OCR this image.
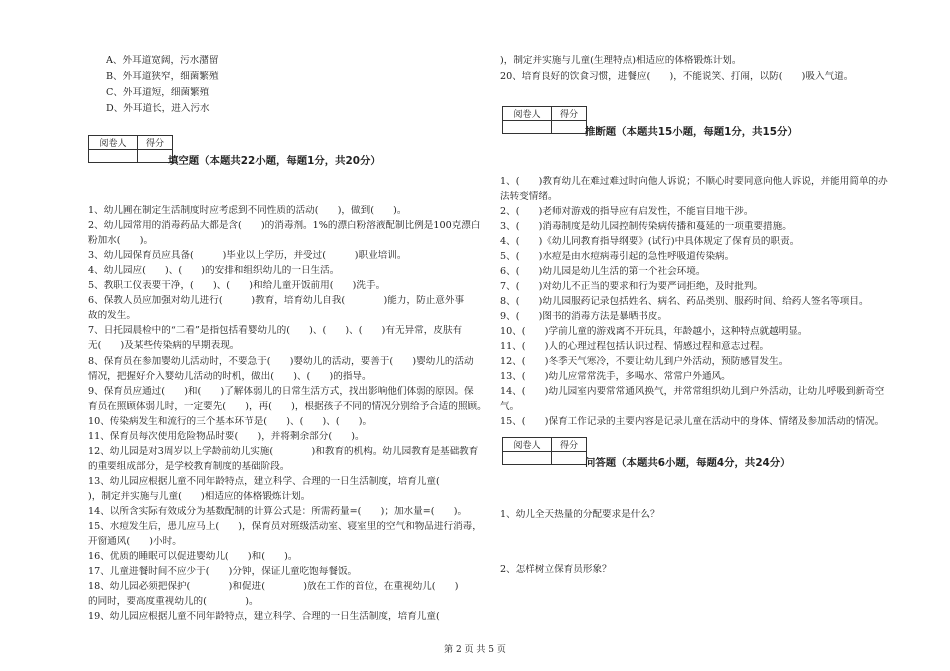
A、外耳道宽阔，污水潴留
B、外耳道狭窄，细菌繁殖
C、外耳道短，细菌繁殖
D、外耳道长，进入污水
阅卷人	得分

填空题（本题共22小题，每题1分，共20分）
1、幼儿圃在制定生活制度时应考虑到不同性质的活动(　　)，做到(　　)。
2、幼儿园常用的消毒药品大都是含(　　)的消毒剂。1%的漂白粉溶液配制比例是100克漂白
粉加水(　　)。
3、幼儿园保育员应具备(　　　)毕业以上学历，并受过(　　　)职业培训。
4、幼儿园应(　　)、(　　)的安排和组织幼儿的一日生活。
5、教职工仪表要干净，(　　)、(　　)和给儿童开饭前用(　　)洗手。
6、保教人员应加强对幼儿进行(　　　)教育，培育幼儿自我(　　　　)能力，防止意外事
故的发生。
7、日托园晨检中的“二看”是指包括看婴幼儿的(　　)、(　　)、(　　)有无异常，皮肤有
无(　　)及某些传染病的早期表现。
8、保育员在参加婴幼儿活动时，不要急于(　　)婴幼儿的活动，要善于(　　)婴幼儿的活动
情况，把握好介入婴幼儿活动的时机，做出(　　)、(　　)的指导。
9、保育员应通过(　　)和(　　)了解体弱儿的日常生活方式，找出影响他们体弱的原因。保
育员在照顾体弱儿时，一定要先(　　)，再(　　)，根据孩子不同的情况分别给予合适的照顾。
10、传染病发生和流行的三个基本环节是(　　)、(　　)、(　　)。
11、保育员每次使用危险物品时要(　　)，并将剩余部分(　　)。
12、幼儿园是对3周岁以上学龄前幼儿实施(　　　　)和教育的机构。幼儿园教育是基础教育
的重要组成部分，是学校教育制度的基础阶段。
13、幼儿园应根据儿童不同年龄特点，建立科学、合理的一日生活制度，培育儿童(
)，制定并实施与儿童(　　)相适应的体格锻炼计划。
14、以所含实际有效成分为基数配制的计算公式是：所需药量=(　　)；加水量=(　　)。
15、水痘发生后，患儿应马上(　　)，保育员对班级活动室、寝室里的空气和物品进行消毒，
开窗通风(　　)小时。
16、优质的睡眠可以促进婴幼儿(　　)和(　　)。
17、儿童进餐时间不应少于(　　)分钟，保证儿童吃饱每餐饭。
18、幼儿园必须把保护(　　　　)和促进(　　　　)放在工作的首位，在重视幼儿(　　)
的同时，要高度重视幼儿的(　　　　)。
19、幼儿园应根据儿童不同年龄特点，建立科学、合理的一日生活制度，培育儿童(
)，制定并实施与儿童(生理特点)相适应的体格锻炼计划。
20、培育良好的饮食习惯，进餐应(　　)，不能说笑、打闹，以防(　　)吸入气道。
阅卷人	得分

推断题（本题共15小题，每题1分，共15分）
1、(　　)教育幼儿在难过难过时向他人诉说；不顺心时要同意向他人诉说，并能用简单的办
法转变情绪。
2、(　　)老师对游戏的指导应有启发性，不能盲目地干涉。
3、(　　)消毒制度是幼儿园控制传染病传播和蔓延的一项重要措施。
4、(　　)《幼儿同教育指导纲要》(试行)中具体规定了保育员的职责。
5、(　　)水痘是由水痘病毒引起的急性呼吸道传染病。
6、(　　)幼儿园是幼儿生活的第一个社会环境。
7、(　　)对幼儿不正当的要求和行为要严词拒绝，及时批判。
8、(　　)幼儿园服药记录包括姓名、病名、药品类别、服药时间、给药人签名等项目。
9、(　　)图书的消毒方法是暴晒书皮。
10、(　　)学前儿童的游戏离不开玩具，年龄越小，这种特点就越明显。
11、(　　)人的心理过程包括认识过程、情感过程和意志过程。
12、(　　)冬季天气寒冷，不要让幼儿到户外活动，预防感冒发生。
13、(　　)幼儿应常常洗手，多喝水、常常户外通风。
14、(　　)幼儿园室内要常常通风换气，并常常组织幼儿到户外活动，让幼儿呼吸到新奇空
气。
15、(　　)保育工作记录的主要内容是记录儿童在活动中的身体、情绪及参加活动的情况。
阅卷人	得分

问答题（本题共6小题，每题4分，共24分）
1、幼儿全天热量的分配要求是什么？
2、怎样树立保育员形象？
第 2 页 共 5 页
